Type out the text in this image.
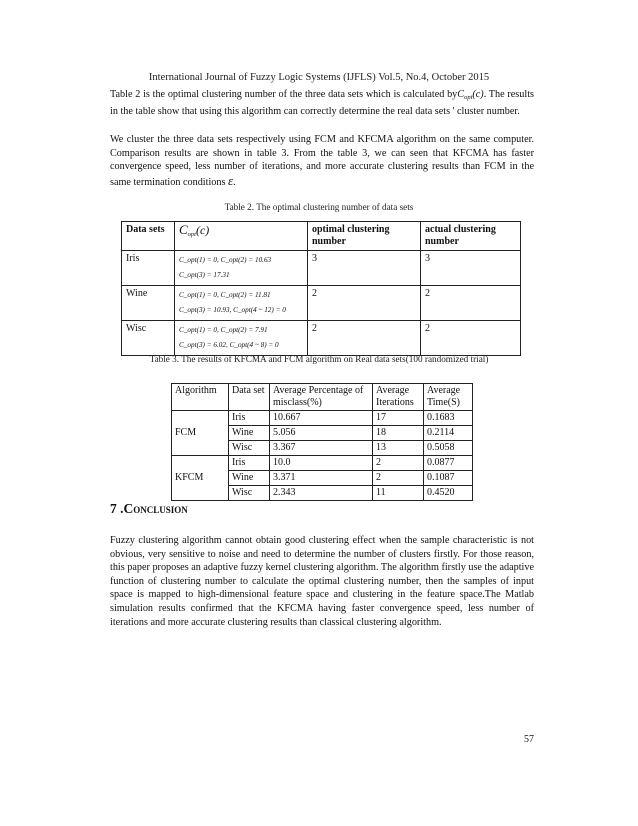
International Journal of Fuzzy Logic Systems (IJFLS) Vol.5, No.4, October 2015

Table 2 is the optimal clustering number of the three data sets which is calculated byC$_{opt}$(c). The results in the table show that using this algorithm can correctly determine the real data sets ' cluster number.

We cluster the three data sets respectively using FCM and KFCMA algorithm on the same computer. Comparison results are shown in table 3. From the table 3, we can seen that KFCMA has faster convergence speed, less number of iterations, and more accurate clustering results than FCM in the same termination conditions ε.

Table 2. The optimal clustering number of data sets
Data sets	$C_{opt}(c)$	optimal clustering number	actual clustering number
Iris	C_opt(1) = 0, C_opt(2) = 10.63
C_opt(3) = 17.31	3	3
Wine	C_opt(1) = 0, C_opt(2) = 11.81
C_opt(3) = 10.93, C_opt(4 ~ 12) = 0	2	2
Wisc	C_opt(1) = 0, C_opt(2) = 7.91
C_opt(3) = 6.02, C_opt(4 ~ 8) = 0	2	2
Table 3. The results of KFCMA and FCM algorithm on Real data sets(100 randomized trial)
Algorithm	Data set	Average Percentage of misclass(%)	Average Iterations	Average Time(S)
FCM	Iris	10.667	17	0.1683
	Wine	5.056	18	0.2114
	Wisc	3.367	13	0.5058
KFCM	Iris	10.0	2	0.0877
	Wine	3.371	2	0.1087
	Wisc	2.343	11	0.4520
7 .Conclusion

Fuzzy clustering algorithm cannot obtain good clustering effect when the sample characteristic is not obvious, very sensitive to noise and need to determine the number of clusters firstly. For those reason, this paper proposes an adaptive fuzzy kernel clustering algorithm. The algorithm firstly use the adaptive function of clustering number to calculate the optimal clustering number, then the samples of input space is mapped to high-dimensional feature space and clustering in the feature space.The Matlab simulation results confirmed that the KFCMA having faster convergence speed, less number of iterations and more accurate clustering results than classical clustering algorithm.

57
